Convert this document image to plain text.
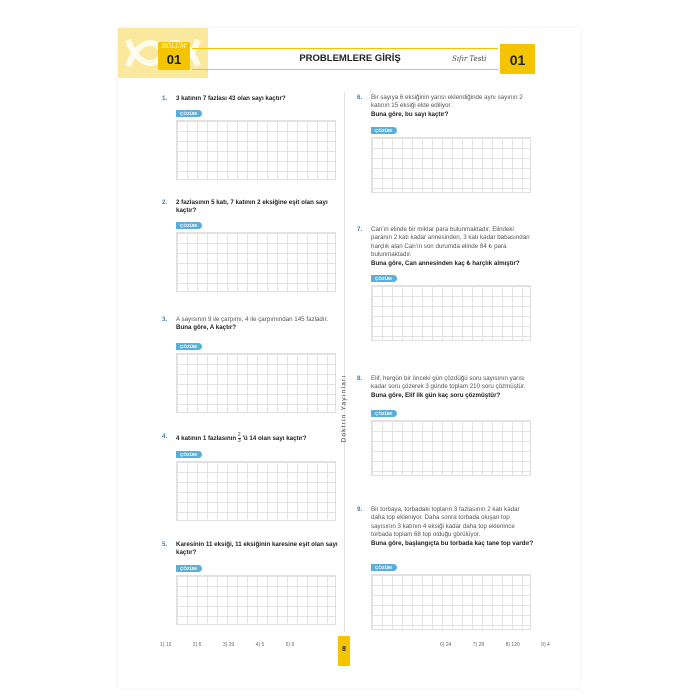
BÖLÜM
01	PROBLEMLERE GİRİŞ	Sıfır Testi	01
Doktrin Yayınları
1. 3 katının 7 fazlası 43 olan sayı kaçtır?
ÇÖZÜM
2. 2 fazlasının 5 katı, 7 katının 2 eksiğine eşit olan sayı kaçtır?
ÇÖZÜM
3. A sayısının 9 ile çarpımı, 4 ile çarpımından 145 fazladır.
Buna göre, A kaçtır?
ÇÖZÜM
4. 4 katının 1 fazlasının $\frac{2}{3}$ 'ü 14 olan sayı kaçtır?
ÇÖZÜM
5. Karesinin 11 eksiği, 11 eksiğinin karesine eşit olan sayı kaçtır?
ÇÖZÜM
6. Bir sayıya 6 eksiğinin yarısı eklendiğinde aynı sayının 2 katının 15 eksiği elde ediliyor.
Buna göre, bu sayı kaçtır?
ÇÖZÜM
7. Can'ın elinde bir miktar para bulunmaktadır. Elindeki paranın 2 katı kadar annesinden, 3 katı kadar babasından harçlık alan Can'ın son durumda elinde 84 ₺ para bulunmaktadır.
Buna göre, Can annesinden kaç ₺ harçlık almıştır?
ÇÖZÜM
8. Elif, hergün bir önceki gün çözdüğü soru sayısının yarısı kadar soru çözerek 3 günde toplam 210 soru çözmüştür.
Buna göre, Elif ilk gün kaç soru çözmüştür?
ÇÖZÜM
9. Bir torbaya, torbadaki topların 3 fazlasının 2 katı kadar daha top ekleniyor. Daha sonra torbada oluşan top sayısının 3 katının 4 eksiği kadar daha top eklenince torbada toplam 68 top olduğu görülüyor.
Buna göre, başlangıçta bu torbada kaç tane top vardır?
ÇÖZÜM
1) 12	2) 6	3) 29	4) 5	5) 6	6) 24	7) 28	8) 120	9) 4
8
